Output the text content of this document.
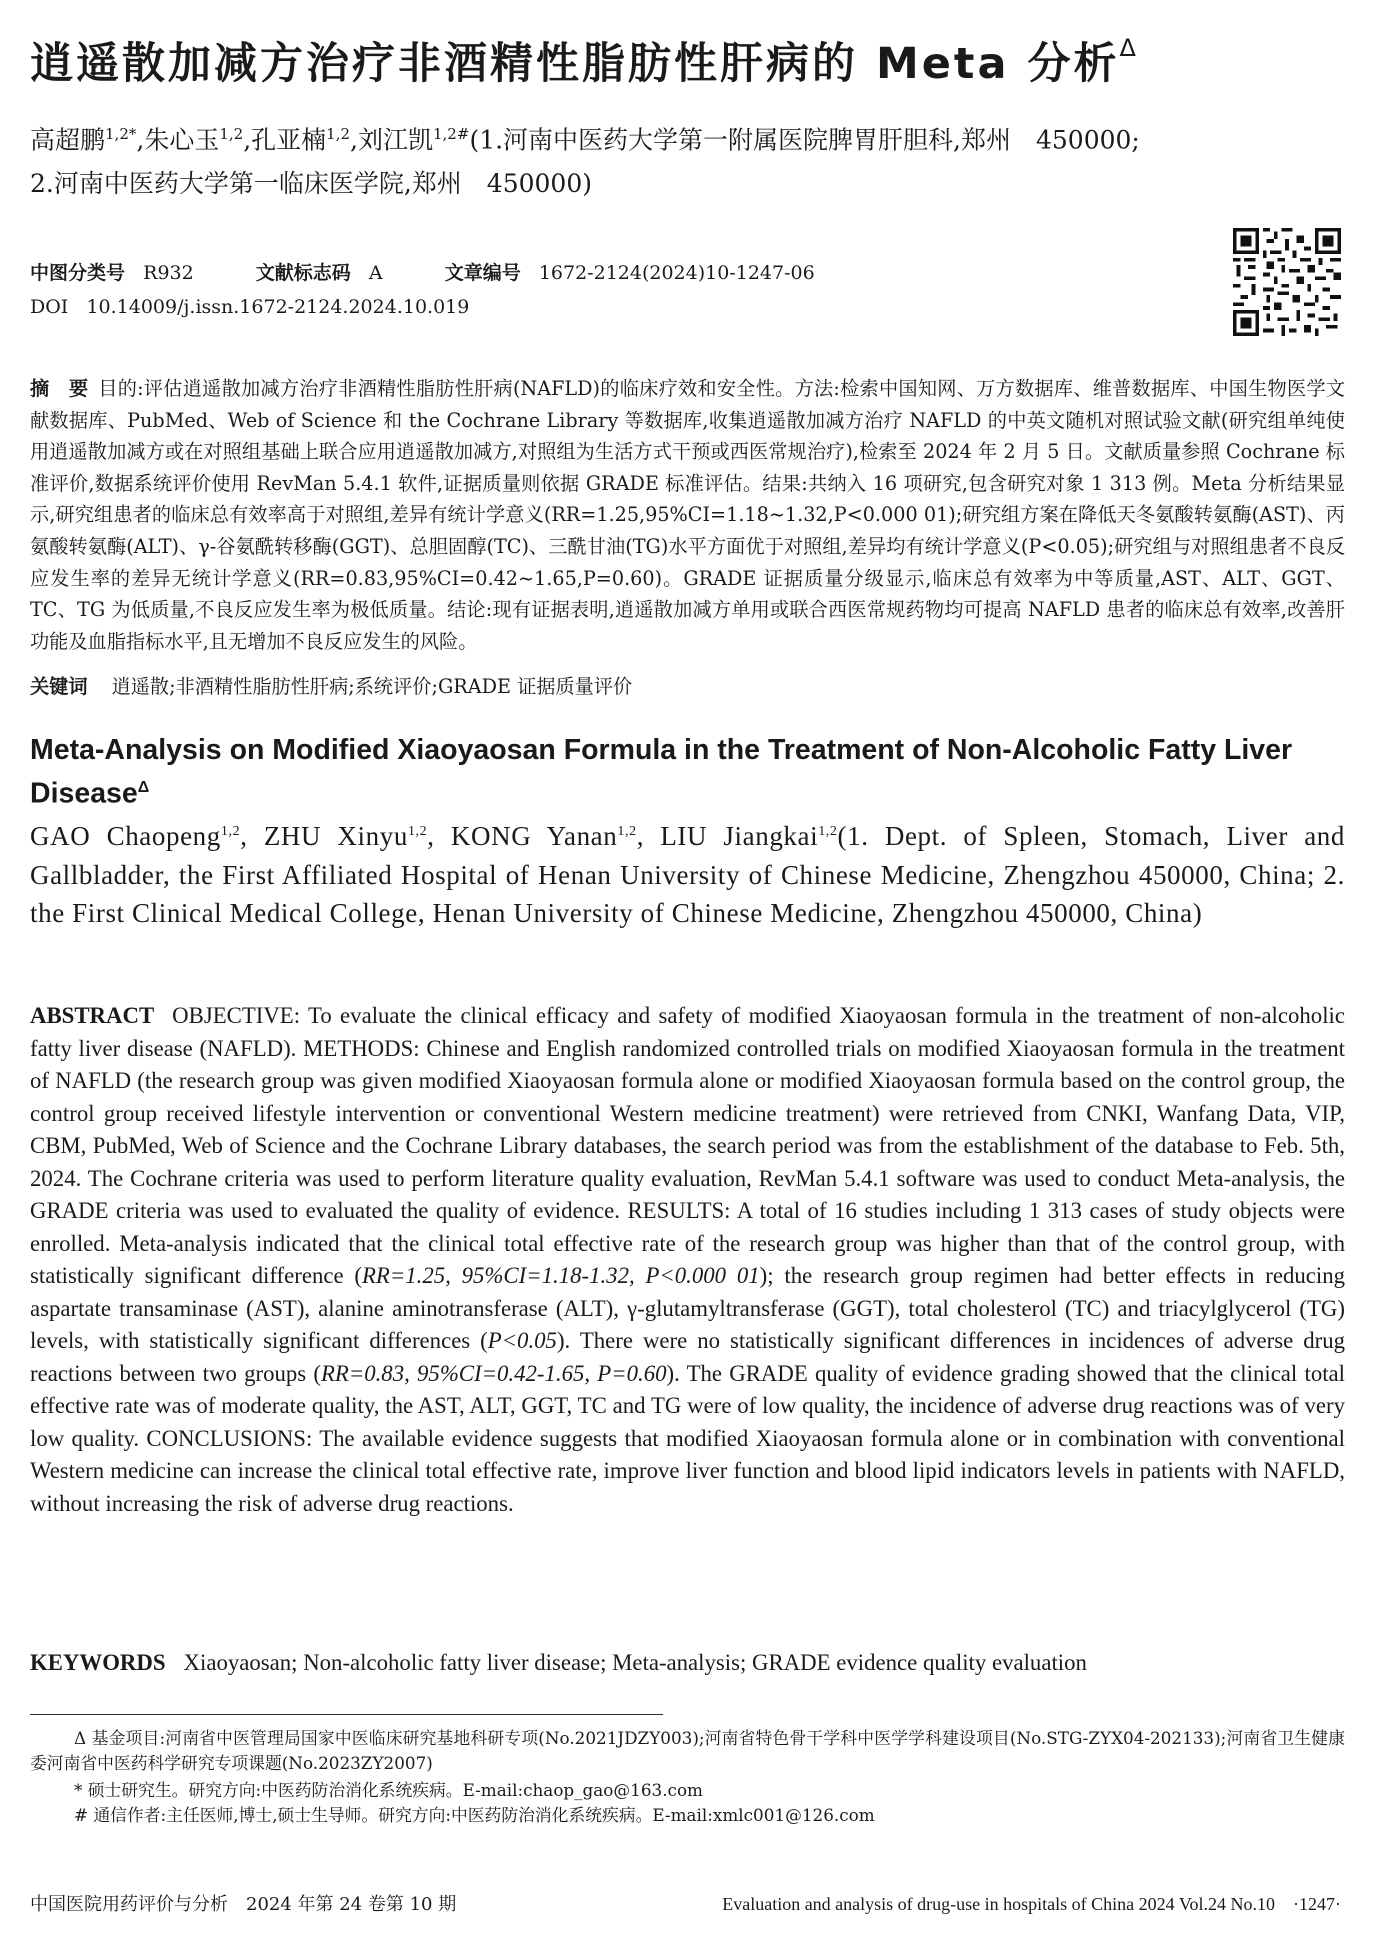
逍遥散加减方治疗非酒精性脂肪性肝病的 Meta 分析$^\Delta$
高超鹏$^{1,2*}$,朱心玉$^{1,2}$,孔亚楠$^{1,2}$,刘江凯$^{1,2\#}$(1.河南中医药大学第一附属医院脾胃肝胆科,郑州　450000;
2.河南中医药大学第一临床医学院,郑州　450000)
中图分类号 R932	文献标志码 A	文章编号 1672-2124(2024)10-1247-06
DOI 10.14009/j.issn.1672-2124.2024.10.019
摘　要 目的:评估逍遥散加减方治疗非酒精性脂肪性肝病(NAFLD)的临床疗效和安全性。方法:检索中国知网、万方数据库、维普数据库、中国生物医学文献数据库、PubMed、Web of Science 和 the Cochrane Library 等数据库,收集逍遥散加减方治疗 NAFLD 的中英文随机对照试验文献(研究组单纯使用逍遥散加减方或在对照组基础上联合应用逍遥散加减方,对照组为生活方式干预或西医常规治疗),检索至 2024 年 2 月 5 日。文献质量参照 Cochrane 标准评价,数据系统评价使用 RevMan 5.4.1 软件,证据质量则依据 GRADE 标准评估。结果:共纳入 16 项研究,包含研究对象 1 313 例。Meta 分析结果显示,研究组患者的临床总有效率高于对照组,差异有统计学意义(RR=1.25,95%CI=1.18~1.32,P<0.000 01);研究组方案在降低天冬氨酸转氨酶(AST)、丙氨酸转氨酶(ALT)、γ-谷氨酰转移酶(GGT)、总胆固醇(TC)、三酰甘油(TG)水平方面优于对照组,差异均有统计学意义(P<0.05);研究组与对照组患者不良反应发生率的差异无统计学意义(RR=0.83,95%CI=0.42~1.65,P=0.60)。GRADE 证据质量分级显示,临床总有效率为中等质量,AST、ALT、GGT、TC、TG 为低质量,不良反应发生率为极低质量。结论:现有证据表明,逍遥散加减方单用或联合西医常规药物均可提高 NAFLD 患者的临床总有效率,改善肝功能及血脂指标水平,且无增加不良反应发生的风险。
关键词 逍遥散;非酒精性脂肪性肝病;系统评价;GRADE 证据质量评价
Meta-Analysis on Modified Xiaoyaosan Formula in the Treatment of Non-Alcoholic Fatty Liver Disease$^\Delta$
GAO Chaopeng$^{1,2}$, ZHU Xinyu$^{1,2}$, KONG Yanan$^{1,2}$, LIU Jiangkai$^{1,2}$(1. Dept. of Spleen, Stomach, Liver and Gallbladder, the First Affiliated Hospital of Henan University of Chinese Medicine, Zhengzhou 450000, China; 2. the First Clinical Medical College, Henan University of Chinese Medicine, Zhengzhou 450000, China)
ABSTRACT OBJECTIVE: To evaluate the clinical efficacy and safety of modified Xiaoyaosan formula in the treatment of non-alcoholic fatty liver disease (NAFLD). METHODS: Chinese and English randomized controlled trials on modified Xiaoyaosan formula in the treatment of NAFLD (the research group was given modified Xiaoyaosan formula alone or modified Xiaoyaosan formula based on the control group, the control group received lifestyle intervention or conventional Western medicine treatment) were retrieved from CNKI, Wanfang Data, VIP, CBM, PubMed, Web of Science and the Cochrane Library databases, the search period was from the establishment of the database to Feb. 5th, 2024. The Cochrane criteria was used to perform literature quality evaluation, RevMan 5.4.1 software was used to conduct Meta-analysis, the GRADE criteria was used to evaluated the quality of evidence. RESULTS: A total of 16 studies including 1 313 cases of study objects were enrolled. Meta-analysis indicated that the clinical total effective rate of the research group was higher than that of the control group, with statistically significant difference (RR=1.25, 95%CI=1.18-1.32, P<0.000 01); the research group regimen had better effects in reducing aspartate transaminase (AST), alanine aminotransferase (ALT), γ-glutamyltransferase (GGT), total cholesterol (TC) and triacylglycerol (TG) levels, with statistically significant differences (P<0.05). There were no statistically significant differences in incidences of adverse drug reactions between two groups (RR=0.83, 95%CI=0.42-1.65, P=0.60). The GRADE quality of evidence grading showed that the clinical total effective rate was of moderate quality, the AST, ALT, GGT, TC and TG were of low quality, the incidence of adverse drug reactions was of very low quality. CONCLUSIONS: The available evidence suggests that modified Xiaoyaosan formula alone or in combination with conventional Western medicine can increase the clinical total effective rate, improve liver function and blood lipid indicators levels in patients with NAFLD, without increasing the risk of adverse drug reactions.
KEYWORDS Xiaoyaosan; Non-alcoholic fatty liver disease; Meta-analysis; GRADE evidence quality evaluation
Δ 基金项目:河南省中医管理局国家中医临床研究基地科研专项(No.2021JDZY003);河南省特色骨干学科中医学学科建设项目(No.STG-ZYX04-202133);河南省卫生健康委河南省中医药科学研究专项课题(No.2023ZY2007)
* 硕士研究生。研究方向:中医药防治消化系统疾病。E-mail:chaop_gao@163.com
# 通信作者:主任医师,博士,硕士生导师。研究方向:中医药防治消化系统疾病。E-mail:xmlc001@126.com
中国医院用药评价与分析　2024 年第 24 卷第 10 期	Evaluation and analysis of drug-use in hospitals of China 2024 Vol.24 No.10　·1247·
